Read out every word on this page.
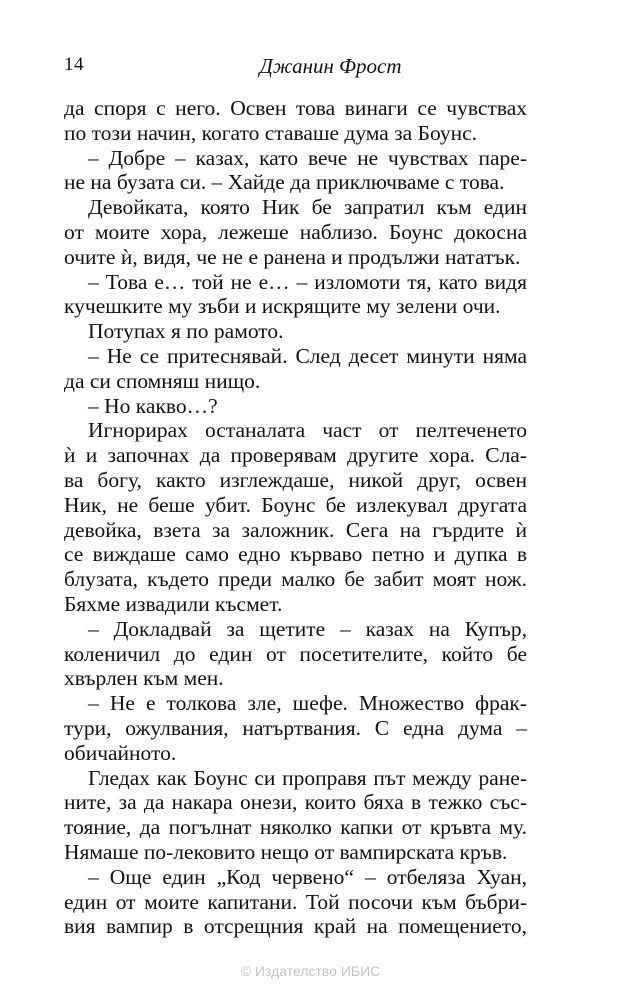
14	Джанин Фрост
да споря с него. Освен това винаги се чувствах
по този начин, когато ставаше дума за Боунс.
– Добре – казах, като вече не чувствах паре-
не на бузата си. – Хайде да приключваме с това.
Девойката, която Ник бе запратил към един
от моите хора, лежеше наблизо. Боунс докосна
очите ѝ, видя, че не е ранена и продължи нататък.
– Това е… той не е… – изломоти тя, като видя
кучешките му зъби и искрящите му зелени очи.
Потупах я по рамото.
– Не се притеснявай. След десет минути няма
да си спомняш нищо.
– Но какво…?
Игнорирах останалата част от пелтеченето
ѝ и започнах да проверявам другите хора. Сла-
ва богу, както изглеждаше, никой друг, освен
Ник, не беше убит. Боунс бе излекувал другата
девойка, взета за заложник. Сега на гърдите ѝ
се виждаше само едно кърваво петно и дупка в
блузата, където преди малко бе забит моят нож.
Бяхме извадили късмет.
– Докладвай за щетите – казах на Купър,
коленичил до един от посетителите, който бе
хвърлен към мен.
– Не е толкова зле, шефе. Множество фрак-
тури, ожулвания, натъртвания. С една дума –
обичайното.
Гледах как Боунс си проправя път между ране-
ните, за да накара онези, които бяха в тежко със-
тояние, да погълнат няколко капки от кръвта му.
Нямаше по-лековито нещо от вампирската кръв.
– Още един „Код червено“ – отбеляза Хуан,
един от моите капитани. Той посочи към бъбри-
вия вампир в отсрещния край на помещението,
© Издателство ИБИС
